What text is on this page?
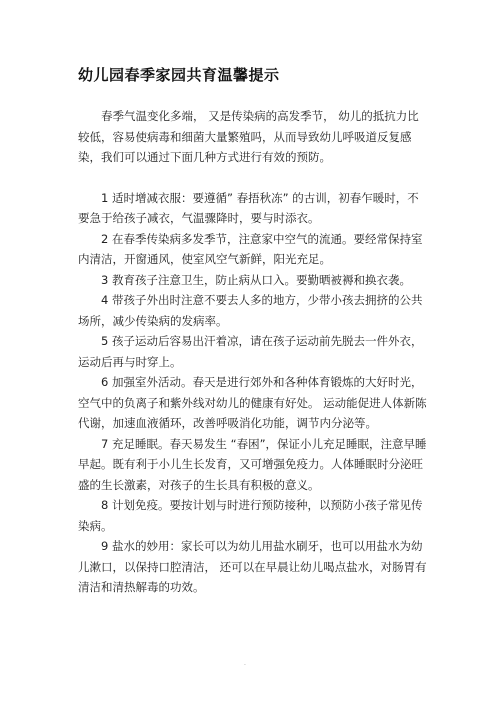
幼儿园春季家园共育温馨提示

春季气温变化多端， 又是传染病的高发季节， 幼儿的抵抗力比较低，容易使病毒和细菌大量繁殖吗，从而导致幼儿呼吸道反复感染，我们可以通过下面几种方式进行有效的预防。

1 适时增减衣服：要遵循” 春捂秋冻” 的古训，初春乍暖时，不要急于给孩子减衣，气温骤降时，要与时添衣。

2 在春季传染病多发季节，注意家中空气的流通。要经常保持室内清洁，开窗通风，使室风空气新鲜，阳光充足。

3 教育孩子注意卫生，防止病从口入。要勤晒被褥和换衣袭。

4 带孩子外出时注意不要去人多的地方，少带小孩去拥挤的公共场所，减少传染病的发病率。

5 孩子运动后容易出汗着凉，请在孩子运动前先脱去一件外衣，运动后再与时穿上。

6 加强室外活动。春天是进行郊外和各种体育锻炼的大好时光，空气中的负离子和紫外线对幼儿的健康有好处。 运动能促进人体新陈代谢，加速血液循环，改善呼吸消化功能，调节内分泌等。

7 充足睡眠。春天易发生 “春困”，保证小儿充足睡眠，注意早睡早起。既有利于小儿生长发育，又可增强免疫力。人体睡眠时分泌旺盛的生长激素，对孩子的生长具有积极的意义。

8 计划免疫。要按计划与时进行预防接种，以预防小孩子常见传染病。

9 盐水的妙用：家长可以为幼儿用盐水刷牙，也可以用盐水为幼儿漱口，以保持口腔清洁， 还可以在早晨让幼儿喝点盐水，对肠胃有清洁和清热解毒的功效。

.
